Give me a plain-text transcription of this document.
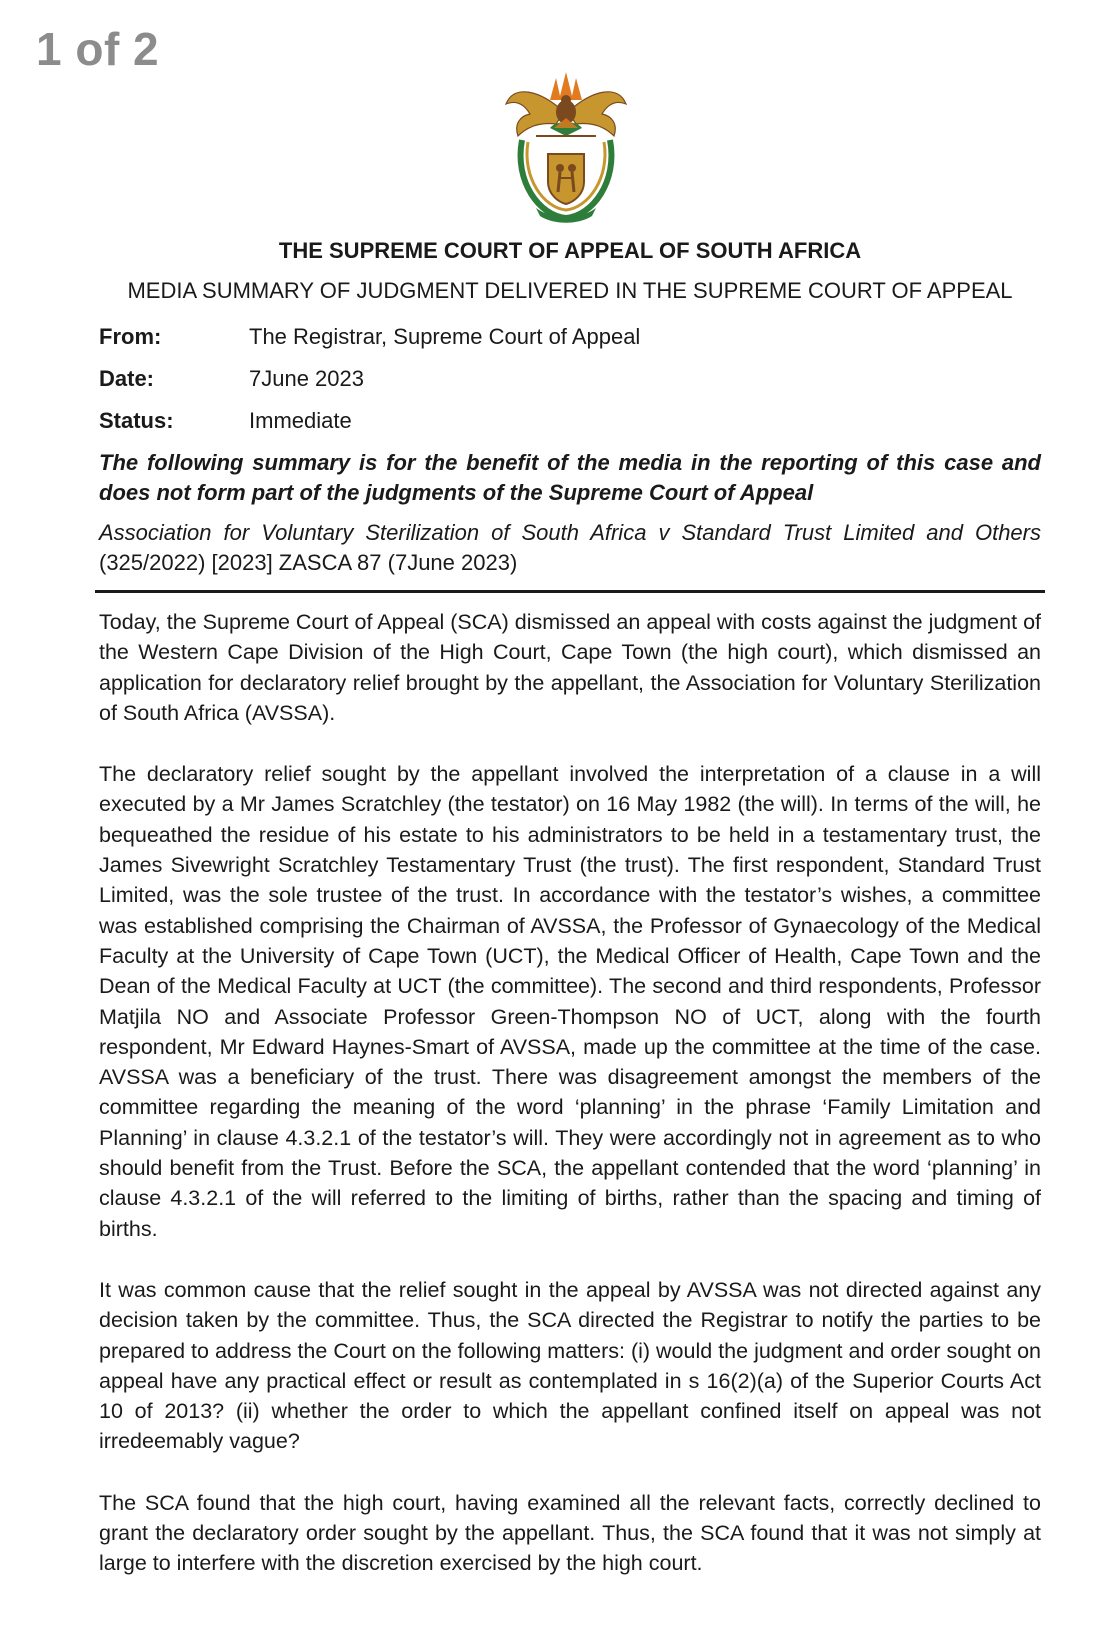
1 of 2
THE SUPREME COURT OF APPEAL OF SOUTH AFRICA
MEDIA SUMMARY OF JUDGMENT DELIVERED IN THE SUPREME COURT OF APPEAL
From:	The Registrar, Supreme Court of Appeal
Date:	7June 2023
Status:	Immediate
The following summary is for the benefit of the media in the reporting of this case and does not form part of the judgments of the Supreme Court of Appeal
Association for Voluntary Sterilization of South Africa v Standard Trust Limited and Others (325/2022) [2023] ZASCA 87 (7June 2023)

Today, the Supreme Court of Appeal (SCA) dismissed an appeal with costs against the judgment of the Western Cape Division of the High Court, Cape Town (the high court), which dismissed an application for declaratory relief brought by the appellant, the Association for Voluntary Sterilization of South Africa (AVSSA).

The declaratory relief sought by the appellant involved the interpretation of a clause in a will executed by a Mr James Scratchley (the testator) on 16 May 1982 (the will). In terms of the will, he bequeathed the residue of his estate to his administrators to be held in a testamentary trust, the James Sivewright Scratchley Testamentary Trust (the trust). The first respondent, Standard Trust Limited, was the sole trustee of the trust. In accordance with the testator’s wishes, a committee was established comprising the Chairman of AVSSA, the Professor of Gynaecology of the Medical Faculty at the University of Cape Town (UCT), the Medical Officer of Health, Cape Town and the Dean of the Medical Faculty at UCT (the committee). The second and third respondents, Professor Matjila NO and Associate Professor Green-Thompson NO of UCT, along with the fourth respondent, Mr Edward Haynes-Smart of AVSSA, made up the committee at the time of the case. AVSSA was a beneficiary of the trust. There was disagreement amongst the members of the committee regarding the meaning of the word ‘planning’ in the phrase ‘Family Limitation and Planning’ in clause 4.3.2.1 of the testator’s will. They were accordingly not in agreement as to who should benefit from the Trust. Before the SCA, the appellant contended that the word ‘planning’ in clause 4.3.2.1 of the will referred to the limiting of births, rather than the spacing and timing of births.

It was common cause that the relief sought in the appeal by AVSSA was not directed against any decision taken by the committee. Thus, the SCA directed the Registrar to notify the parties to be prepared to address the Court on the following matters: (i) would the judgment and order sought on appeal have any practical effect or result as contemplated in s 16(2)(a) of the Superior Courts Act 10 of 2013? (ii) whether the order to which the appellant confined itself on appeal was not irredeemably vague?

The SCA found that the high court, having examined all the relevant facts, correctly declined to grant the declaratory order sought by the appellant. Thus, the SCA found that it was not simply at large to interfere with the discretion exercised by the high court.
